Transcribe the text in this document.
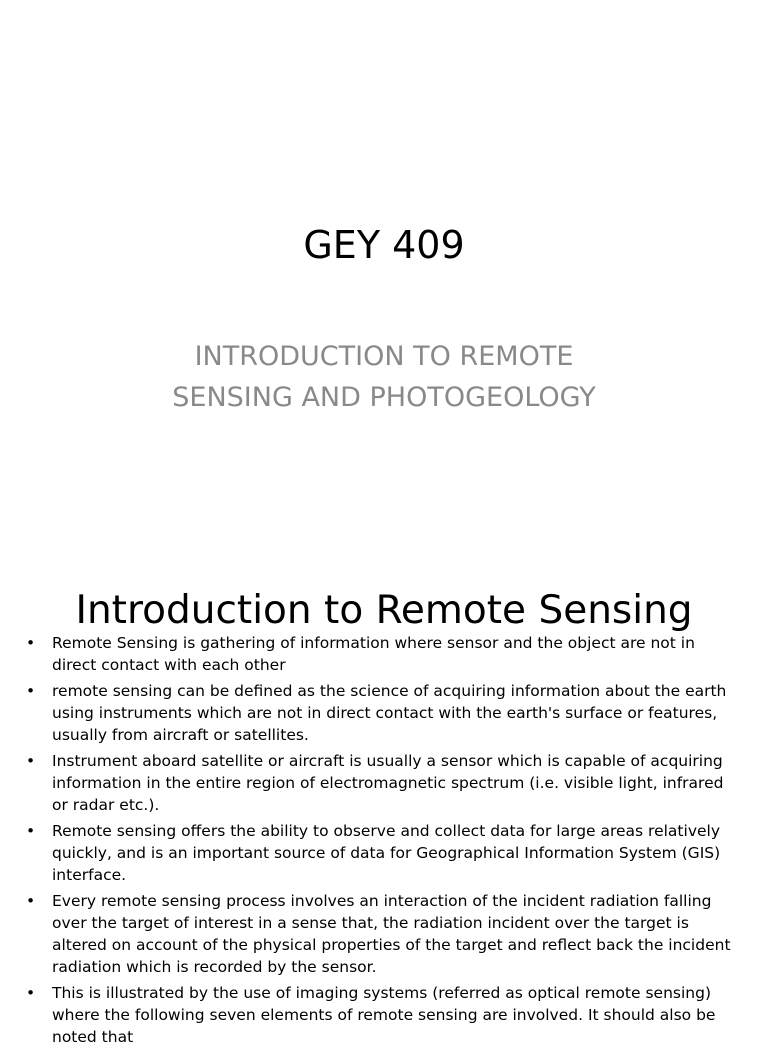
GEY 409
INTRODUCTION TO REMOTE
SENSING AND PHOTOGEOLOGY
Introduction to Remote Sensing
• Remote Sensing is gathering of information where sensor and the object are not in direct contact with each other
• remote sensing can be defined as the science of acquiring information about the earth using instruments which are not in direct contact with the earth's surface or features, usually from aircraft or satellites.
• Instrument aboard satellite or aircraft is usually a sensor which is capable of acquiring information in the entire region of electromagnetic spectrum (i.e. visible light, infrared or radar etc.).
• Remote sensing offers the ability to observe and collect data for large areas relatively quickly, and is an important source of data for Geographical Information System (GIS) interface.
• Every remote sensing process involves an interaction of the incident radiation falling over the target of interest in a sense that, the radiation incident over the target is altered on account of the physical properties of the target and reflect back the incident radiation which is recorded by the sensor.
• This is illustrated by the use of imaging systems (referred as optical remote sensing) where the following seven elements of remote sensing are involved. It should also be noted that
